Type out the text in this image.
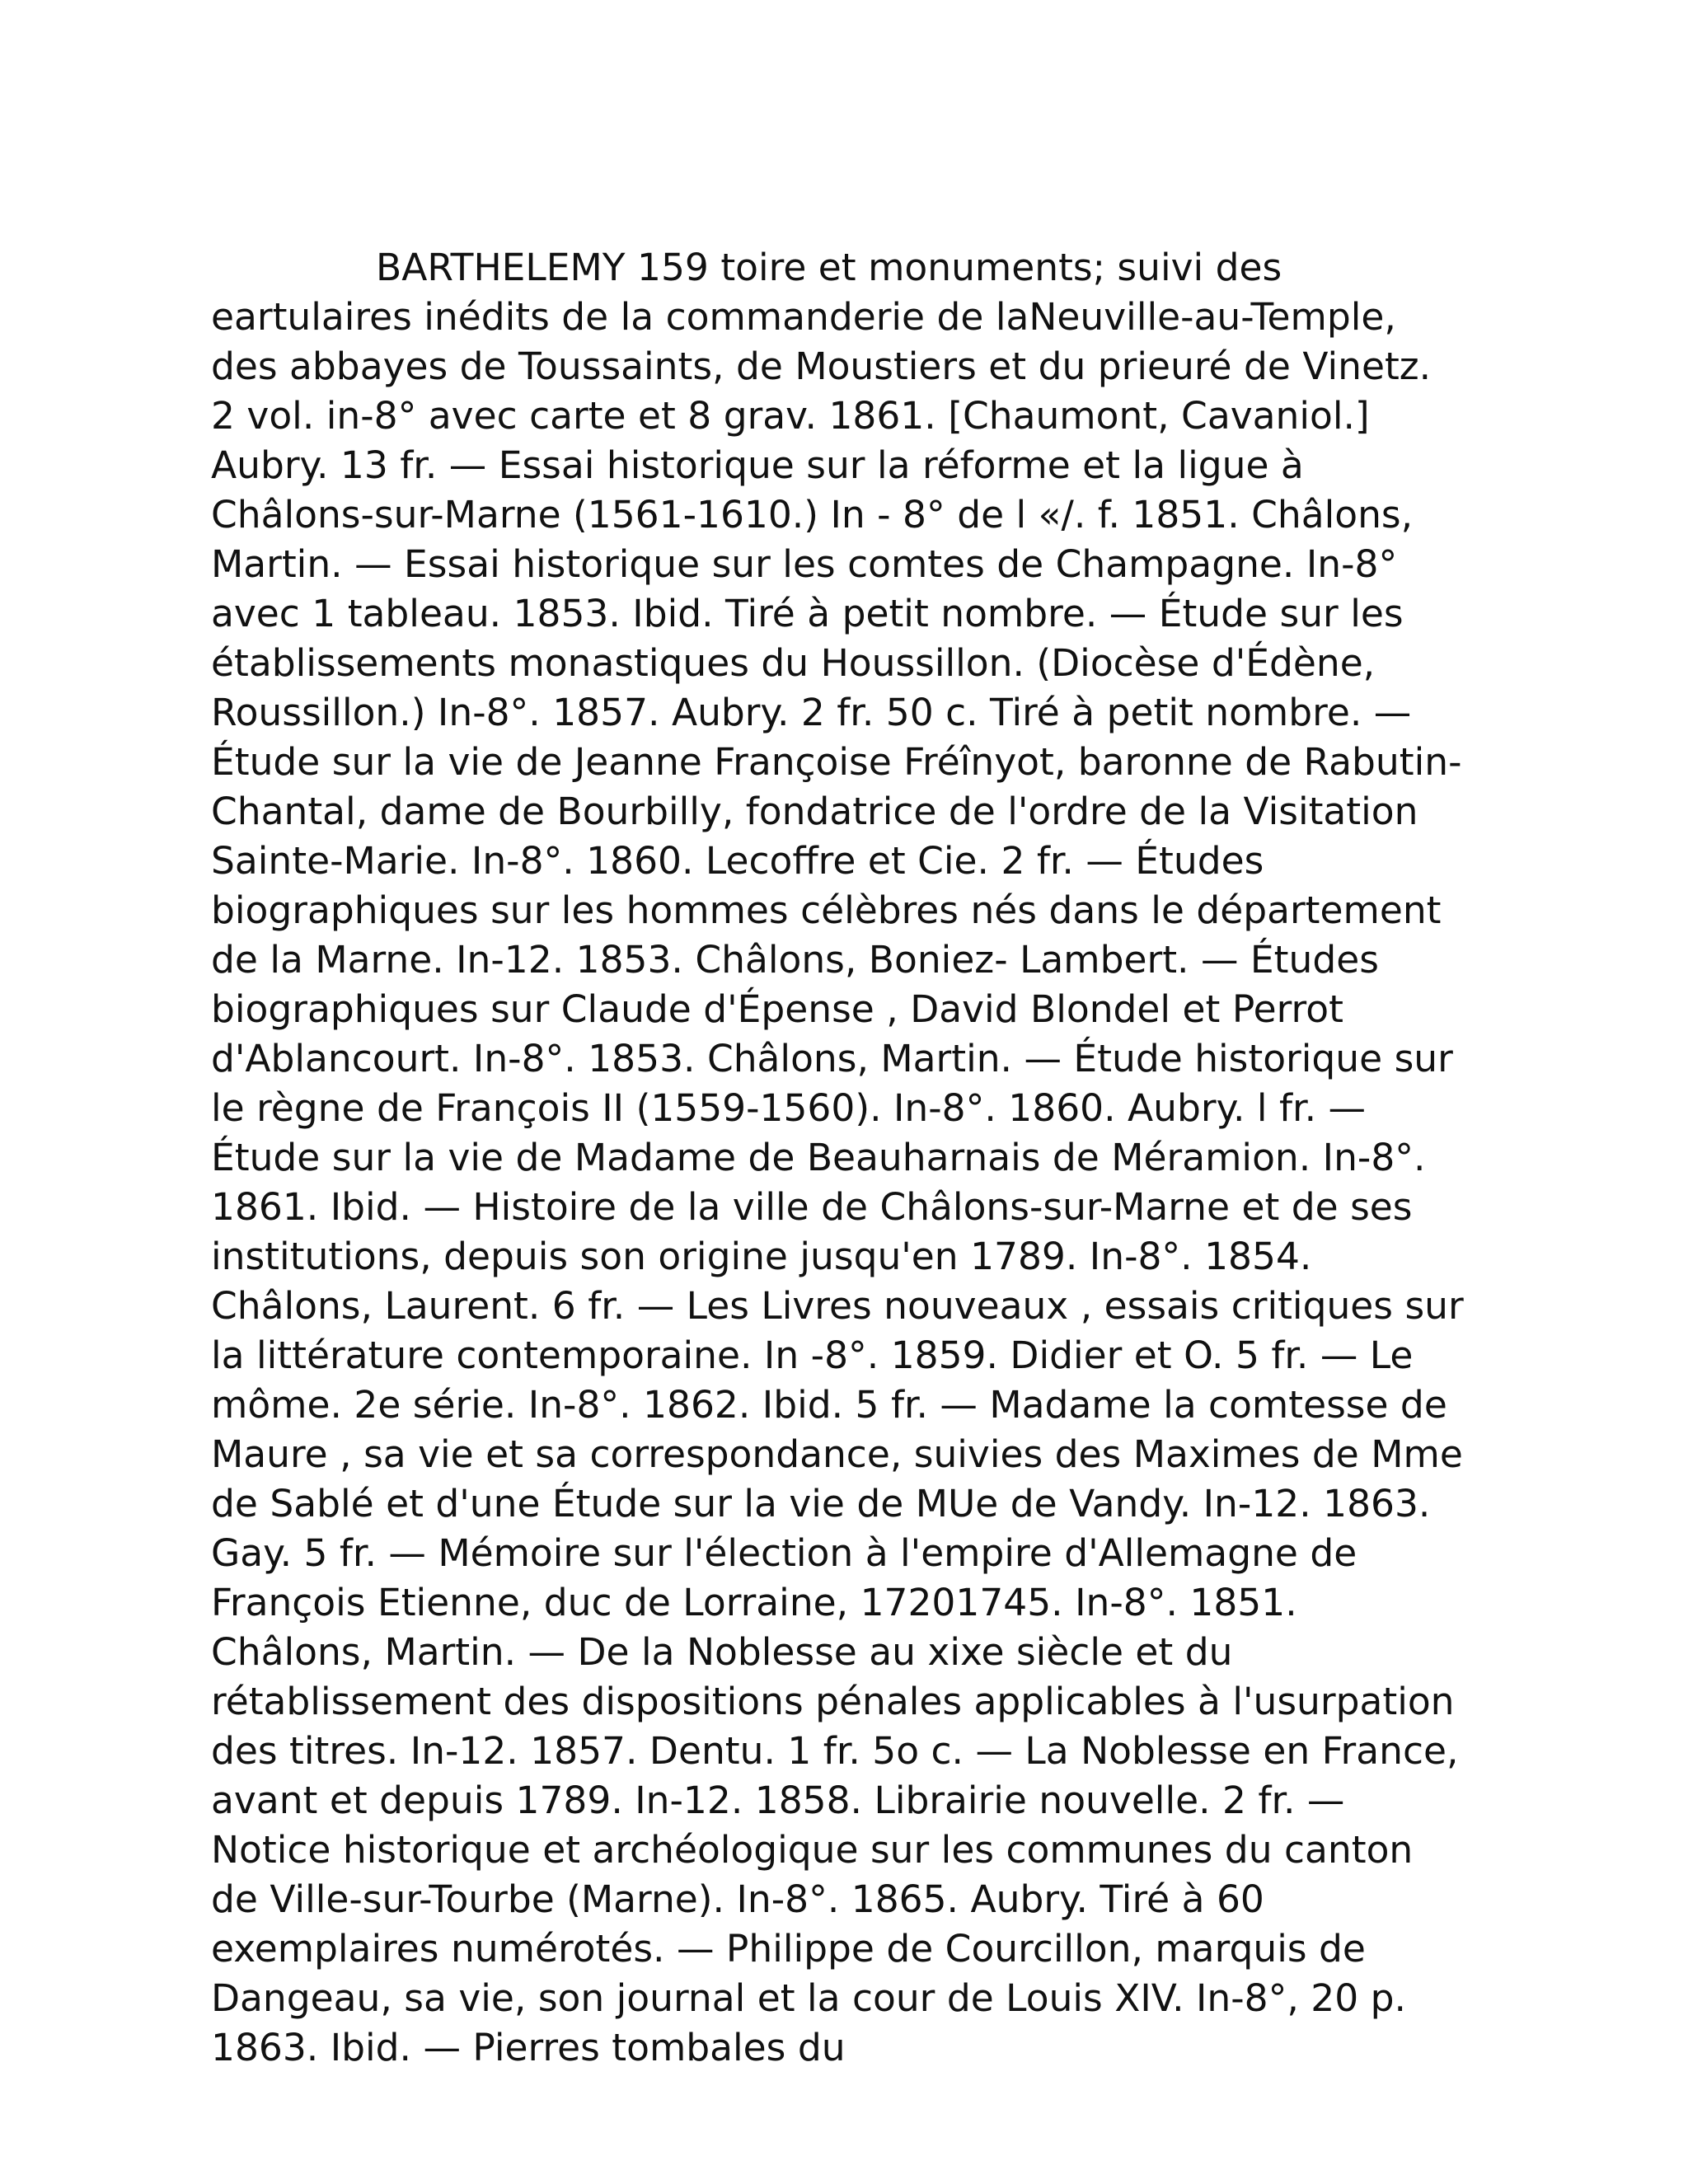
BARTHELEMY 159 toire et monuments; suivi des eartulaires inédits de la commanderie de laNeuville-au-Temple, des abbayes de Toussaints, de Moustiers et du prieuré de Vinetz. 2 vol. in-8° avec carte et 8 grav. 1861. [Chaumont, Cavaniol.] Aubry. 13 fr. — Essai historique sur la réforme et la ligue à Châlons-sur-Marne (1561-1610.) In - 8° de l «/. f. 1851. Châlons, Martin. — Essai historique sur les comtes de Champagne. In-8° avec 1 tableau. 1853. Ibid. Tiré à petit nombre. — Étude sur les établissements monastiques du Houssillon. (Diocèse d'Édène, Roussillon.) In-8°. 1857. Aubry. 2 fr. 50 c. Tiré à petit nombre. — Étude sur la vie de Jeanne Françoise Fréînyot, baronne de Rabutin-Chantal, dame de Bourbilly, fondatrice de l'ordre de la Visitation Sainte-Marie. In-8°. 1860. Lecoffre et Cie. 2 fr. — Études biographiques sur les hommes célèbres nés dans le département de la Marne. In-12. 1853. Châlons, Boniez- Lambert. — Études biographiques sur Claude d'Épense , David Blondel et Perrot d'Ablancourt. In-8°. 1853. Châlons, Martin. — Étude historique sur le règne de François II (1559-1560). In-8°. 1860. Aubry. l fr. — Étude sur la vie de Madame de Beauharnais de Méramion. In-8°. 1861. Ibid. — Histoire de la ville de Châlons-sur-Marne et de ses institutions, depuis son origine jusqu'en 1789. In-8°. 1854. Châlons, Laurent. 6 fr. — Les Livres nouveaux , essais critiques sur la littérature contemporaine. In -8°. 1859. Didier et O. 5 fr. — Le môme. 2e série. In-8°. 1862. Ibid. 5 fr. — Madame la comtesse de Maure , sa vie et sa correspondance, suivies des Maximes de Mme de Sablé et d'une Étude sur la vie de MUe de Vandy. In-12. 1863. Gay. 5 fr. — Mémoire sur l'élection à l'empire d'Allemagne de François Etienne, duc de Lorraine, 17201745. In-8°. 1851. Châlons, Martin. — De la Noblesse au xixe siècle et du rétablissement des dispositions pénales applicables à l'usurpation des titres. In-12. 1857. Dentu. 1 fr. 5o c. — La Noblesse en France, avant et depuis 1789. In-12. 1858. Librairie nouvelle. 2 fr. — Notice historique et archéologique sur les communes du canton de Ville-sur-Tourbe (Marne). In-8°. 1865. Aubry. Tiré à 60 exemplaires numérotés. — Philippe de Courcillon, marquis de Dangeau, sa vie, son journal et la cour de Louis XIV. In-8°, 20 p. 1863. Ibid. — Pierres tombales du
